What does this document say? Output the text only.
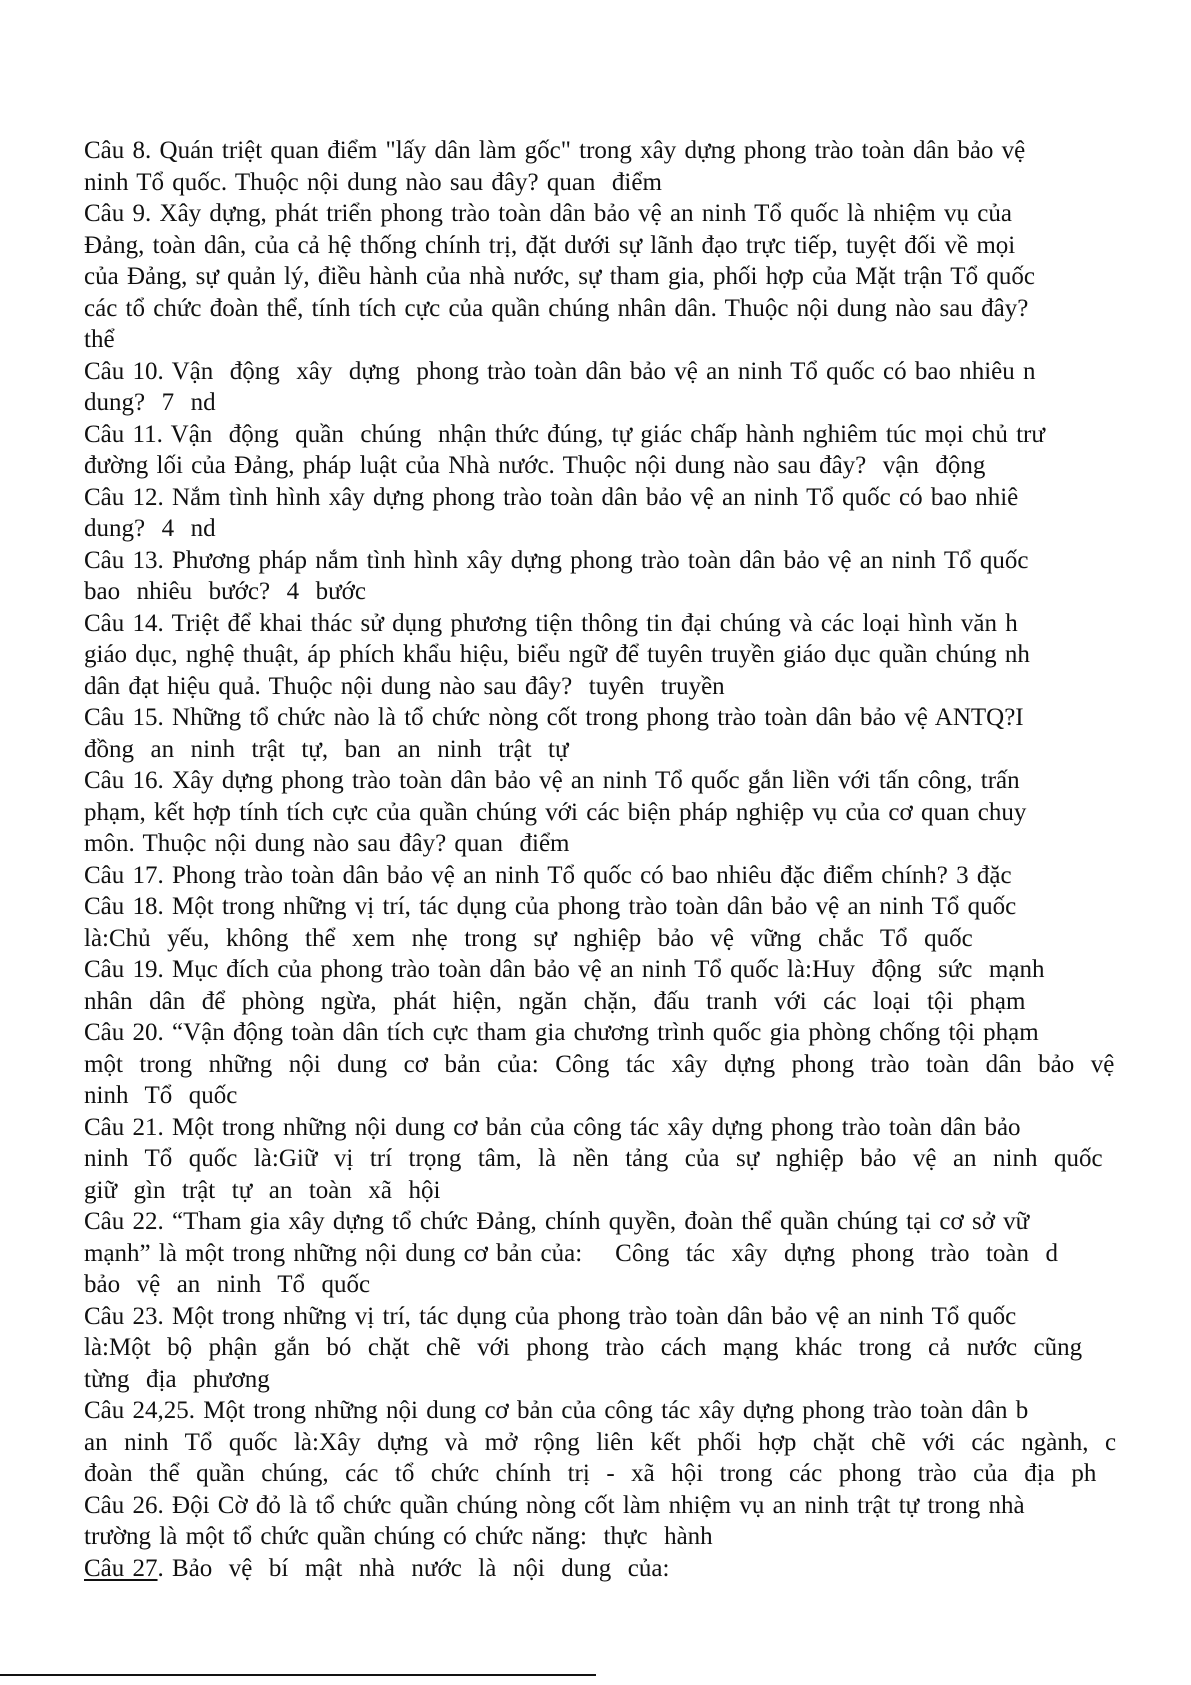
Câu 8. Quán triệt quan điểm "lấy dân làm gốc" trong xây dựng phong trào toàn dân bảo vệ
ninh Tổ quốc. Thuộc nội dung nào sau đây? quan  điểm
Câu 9. Xây dựng, phát triển phong trào toàn dân bảo vệ an ninh Tổ quốc là nhiệm vụ của
Đảng, toàn dân, của cả hệ thống chính trị, đặt dưới sự lãnh đạo trực tiếp, tuyệt đối về mọi
của Đảng, sự quản lý, điều hành của nhà nước, sự tham gia, phối hợp của Mặt trận Tổ quốc
các tổ chức đoàn thể, tính tích cực của quần chúng nhân dân. Thuộc nội dung nào sau đây?
thể
Câu 10. Vận  động  xây  dựng  phong trào toàn dân bảo vệ an ninh Tổ quốc có bao nhiêu n
dung?  7  nd
Câu 11. Vận  động  quần  chúng  nhận thức đúng, tự giác chấp hành nghiêm túc mọi chủ trư
đường lối của Đảng, pháp luật của Nhà nước. Thuộc nội dung nào sau đây?  vận  động
Câu 12. Nắm tình hình xây dựng phong trào toàn dân bảo vệ an ninh Tổ quốc có bao nhiê
dung?  4  nd
Câu 13. Phương pháp nắm tình hình xây dựng phong trào toàn dân bảo vệ an ninh Tổ quốc
bao  nhiêu  bước?  4  bước
Câu 14. Triệt để khai thác sử dụng phương tiện thông tin đại chúng và các loại hình văn h
giáo dục, nghệ thuật, áp phích khẩu hiệu, biểu ngữ để tuyên truyền giáo dục quần chúng nh
dân đạt hiệu quả. Thuộc nội dung nào sau đây?  tuyên  truyền
Câu 15. Những tổ chức nào là tổ chức nòng cốt trong phong trào toàn dân bảo vệ ANTQ?I
đồng  an  ninh  trật  tự,  ban  an  ninh  trật  tự
Câu 16. Xây dựng phong trào toàn dân bảo vệ an ninh Tổ quốc gắn liền với tấn công, trấn
phạm, kết hợp tính tích cực của quần chúng với các biện pháp nghiệp vụ của cơ quan chuy
môn. Thuộc nội dung nào sau đây? quan  điểm
Câu 17. Phong trào toàn dân bảo vệ an ninh Tổ quốc có bao nhiêu đặc điểm chính? 3 đặc
Câu 18. Một trong những vị trí, tác dụng của phong trào toàn dân bảo vệ an ninh Tổ quốc
là:Chủ  yếu,  không  thể  xem  nhẹ  trong  sự  nghiệp  bảo  vệ  vững  chắc  Tổ  quốc
Câu 19. Mục đích của phong trào toàn dân bảo vệ an ninh Tổ quốc là:Huy  động  sức  mạnh
nhân  dân  để  phòng  ngừa,  phát  hiện,  ngăn  chặn,  đấu  tranh  với  các  loại  tội  phạm
Câu 20. “Vận động toàn dân tích cực tham gia chương trình quốc gia phòng chống tội phạm
một  trong  những  nội  dung  cơ  bản  của:  Công  tác  xây  dựng  phong  trào  toàn  dân  bảo  vệ
ninh  Tổ  quốc
Câu 21. Một trong những nội dung cơ bản của công tác xây dựng phong trào toàn dân bảo
ninh  Tổ  quốc  là:Giữ  vị  trí  trọng  tâm,  là  nền  tảng  của  sự  nghiệp  bảo  vệ  an  ninh  quốc
giữ  gìn  trật  tự  an  toàn  xã  hội
Câu 22. “Tham gia xây dựng tổ chức Đảng, chính quyền, đoàn thể quần chúng tại cơ sở vữ
mạnh” là một trong những nội dung cơ bản của:    Công  tác  xây  dựng  phong  trào  toàn  d
bảo  vệ  an  ninh  Tổ  quốc
Câu 23. Một trong những vị trí, tác dụng của phong trào toàn dân bảo vệ an ninh Tổ quốc
là:Một  bộ  phận  gắn  bó  chặt  chẽ  với  phong  trào  cách  mạng  khác  trong  cả  nước  cũng
từng  địa  phương
Câu 24,25. Một trong những nội dung cơ bản của công tác xây dựng phong trào toàn dân b
an  ninh  Tổ  quốc  là:Xây  dựng  và  mở  rộng  liên  kết  phối  hợp  chặt  chẽ  với  các  ngành,  c
đoàn  thể  quần  chúng,  các  tổ  chức  chính  trị  -  xã  hội  trong  các  phong  trào  của  địa  ph
Câu 26. Đội Cờ đỏ là tổ chức quần chúng nòng cốt làm nhiệm vụ an ninh trật tự trong nhà
trường là một tổ chức quần chúng có chức năng:  thực  hành
Câu 27. Bảo  vệ  bí  mật  nhà  nước  là  nội  dung  của:
